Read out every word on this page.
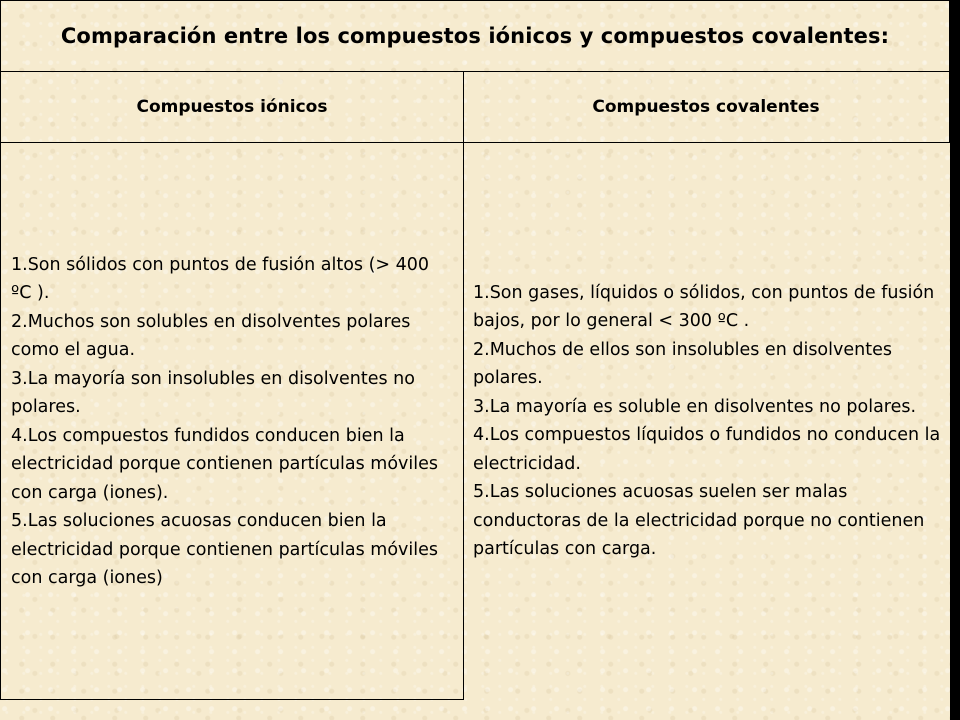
Comparación entre los compuestos iónicos y compuestos covalentes:
Compuestos iónicos	Compuestos covalentes
1.Son sólidos con puntos de fusión altos (> 400 ºC ).
2.Muchos son solubles en disolventes polares como el agua.
3.La mayoría son insolubles en disolventes no polares.
4.Los compuestos fundidos conducen bien la electricidad porque contienen partículas móviles con carga (iones).
5.Las soluciones acuosas conducen bien la electricidad porque contienen partículas móviles con carga (iones)
1.Son gases, líquidos o sólidos, con puntos de fusión bajos, por lo general < 300 ºC .
2.Muchos de ellos son insolubles en disolventes polares.
3.La mayoría es soluble en disolventes no polares.
4.Los compuestos líquidos o fundidos no conducen la electricidad.
5.Las soluciones acuosas suelen ser malas conductoras de la electricidad porque no contienen partículas con carga.
